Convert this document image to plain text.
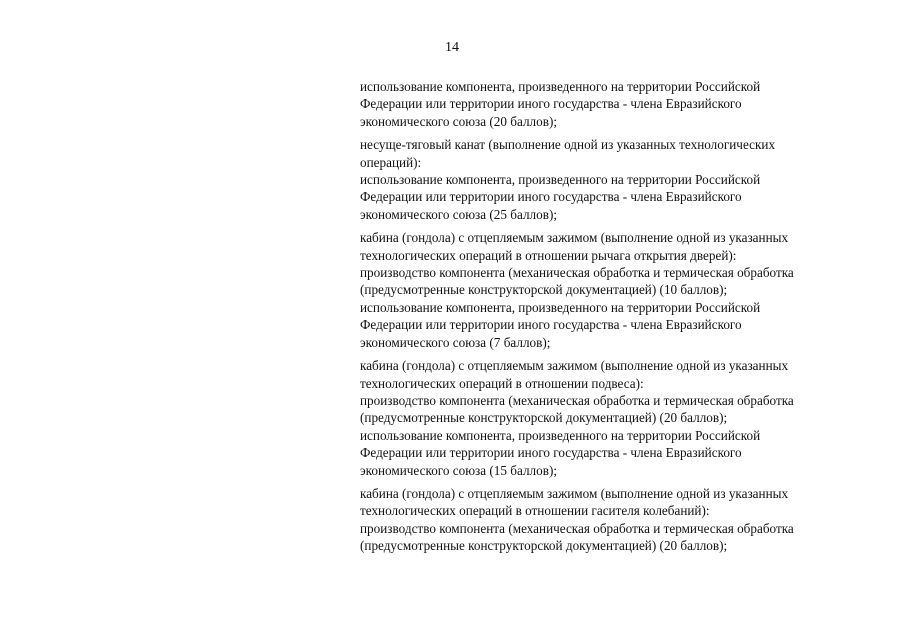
14
использование компонента, произведенного на территории Российской
Федерации или территории иного государства - члена Евразийского
экономического союза (20 баллов);
несуще-тяговый канат (выполнение одной из указанных технологических
операций):
использование компонента, произведенного на территории Российской
Федерации или территории иного государства - члена Евразийского
экономического союза (25 баллов);
кабина (гондола) с отцепляемым зажимом (выполнение одной из указанных
технологических операций в отношении рычага открытия дверей):
производство компонента (механическая обработка и термическая обработка
(предусмотренные конструкторской документацией) (10 баллов);
использование компонента, произведенного на территории Российской
Федерации или территории иного государства - члена Евразийского
экономического союза (7 баллов);
кабина (гондола) с отцепляемым зажимом (выполнение одной из указанных
технологических операций в отношении подвеса):
производство компонента (механическая обработка и термическая обработка
(предусмотренные конструкторской документацией) (20 баллов);
использование компонента, произведенного на территории Российской
Федерации или территории иного государства - члена Евразийского
экономического союза (15 баллов);
кабина (гондола) с отцепляемым зажимом (выполнение одной из указанных
технологических операций в отношении гасителя колебаний):
производство компонента (механическая обработка и термическая обработка
(предусмотренные конструкторской документацией) (20 баллов);
